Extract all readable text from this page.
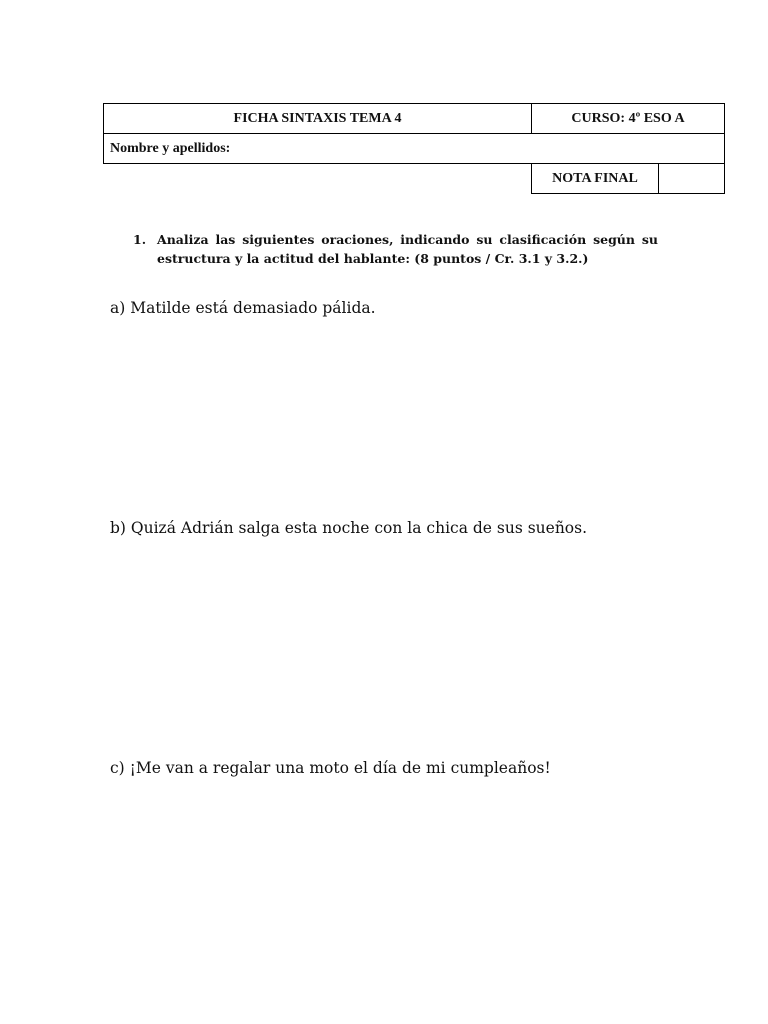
FICHA SINTAXIS TEMA 4	CURSO: 4º ESO A	
Nombre y apellidos:		
	NOTA FINAL	
1. Analiza las siguientes oraciones, indicando su clasificación según su estructura y la actitud del hablante: (8 puntos / Cr. 3.1 y 3.2.)
a) Matilde está demasiado pálida.
b) Quizá Adrián salga esta noche con la chica de sus sueños.
c) ¡Me van a regalar una moto el día de mi cumpleaños!
